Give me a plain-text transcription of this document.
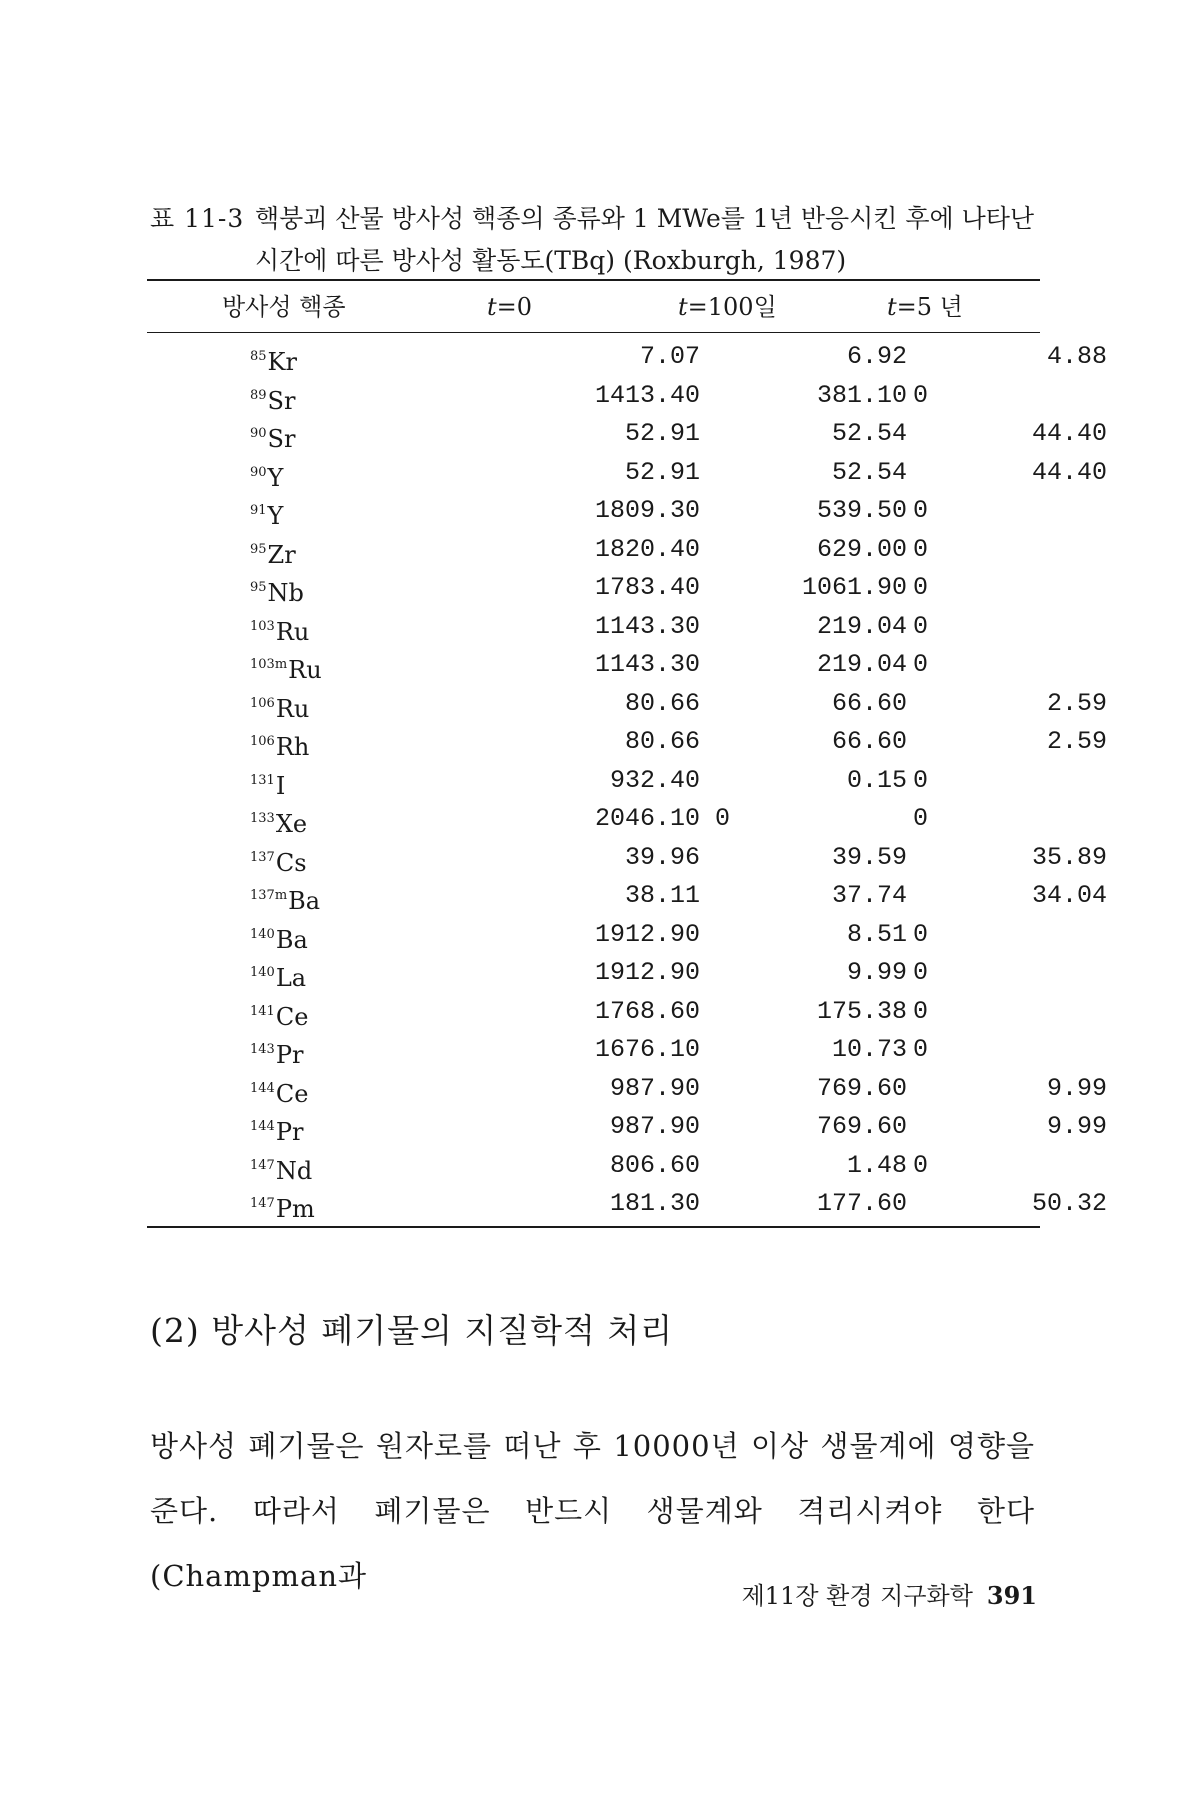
표 11-3 핵붕괴 산물 방사성 핵종의 종류와 1 MWe를 1년 반응시킨 후에 나타난
시간에 따른 방사성 활동도(TBq) (Roxburgh, 1987)
방사성 핵종	t=0	t=100일	t=5 년
$^{85}$Kr	7.07	6.92	4.88
$^{89}$Sr	1413.40	381.10 0
$^{90}$Sr	52.91	52.54	44.40
$^{90}$Y	52.91	52.54	44.40
$^{91}$Y	1809.30	539.50 0
$^{95}$Zr	1820.40	629.00 0
$^{95}$Nb	1783.40	1061.90 0
$^{103}$Ru	1143.30	219.04 0
$^{103m}$Ru	1143.30	219.04 0
$^{106}$Ru	80.66	66.60	2.59
$^{106}$Rh	80.66	66.60	2.59
$^{131}$I	932.40	0.15 0
$^{133}$Xe	2046.10 0	0
$^{137}$Cs	39.96	39.59	35.89
$^{137m}$Ba	38.11	37.74	34.04
$^{140}$Ba	1912.90	8.51 0
$^{140}$La	1912.90	9.99 0
$^{141}$Ce	1768.60	175.38 0
$^{143}$Pr	1676.10	10.73 0
$^{144}$Ce	987.90	769.60	9.99
$^{144}$Pr	987.90	769.60	9.99
$^{147}$Nd	806.60	1.48 0
$^{147}$Pm	181.30	177.60	50.32
(2) 방사성 폐기물의 지질학적 처리
방사성 폐기물은 원자로를 떠난 후 10000년 이상 생물계에 영향을 준다. 따라서 폐기물은 반드시 생물계와 격리시켜야 한다(Champman과
제11장 환경 지구화학 391
